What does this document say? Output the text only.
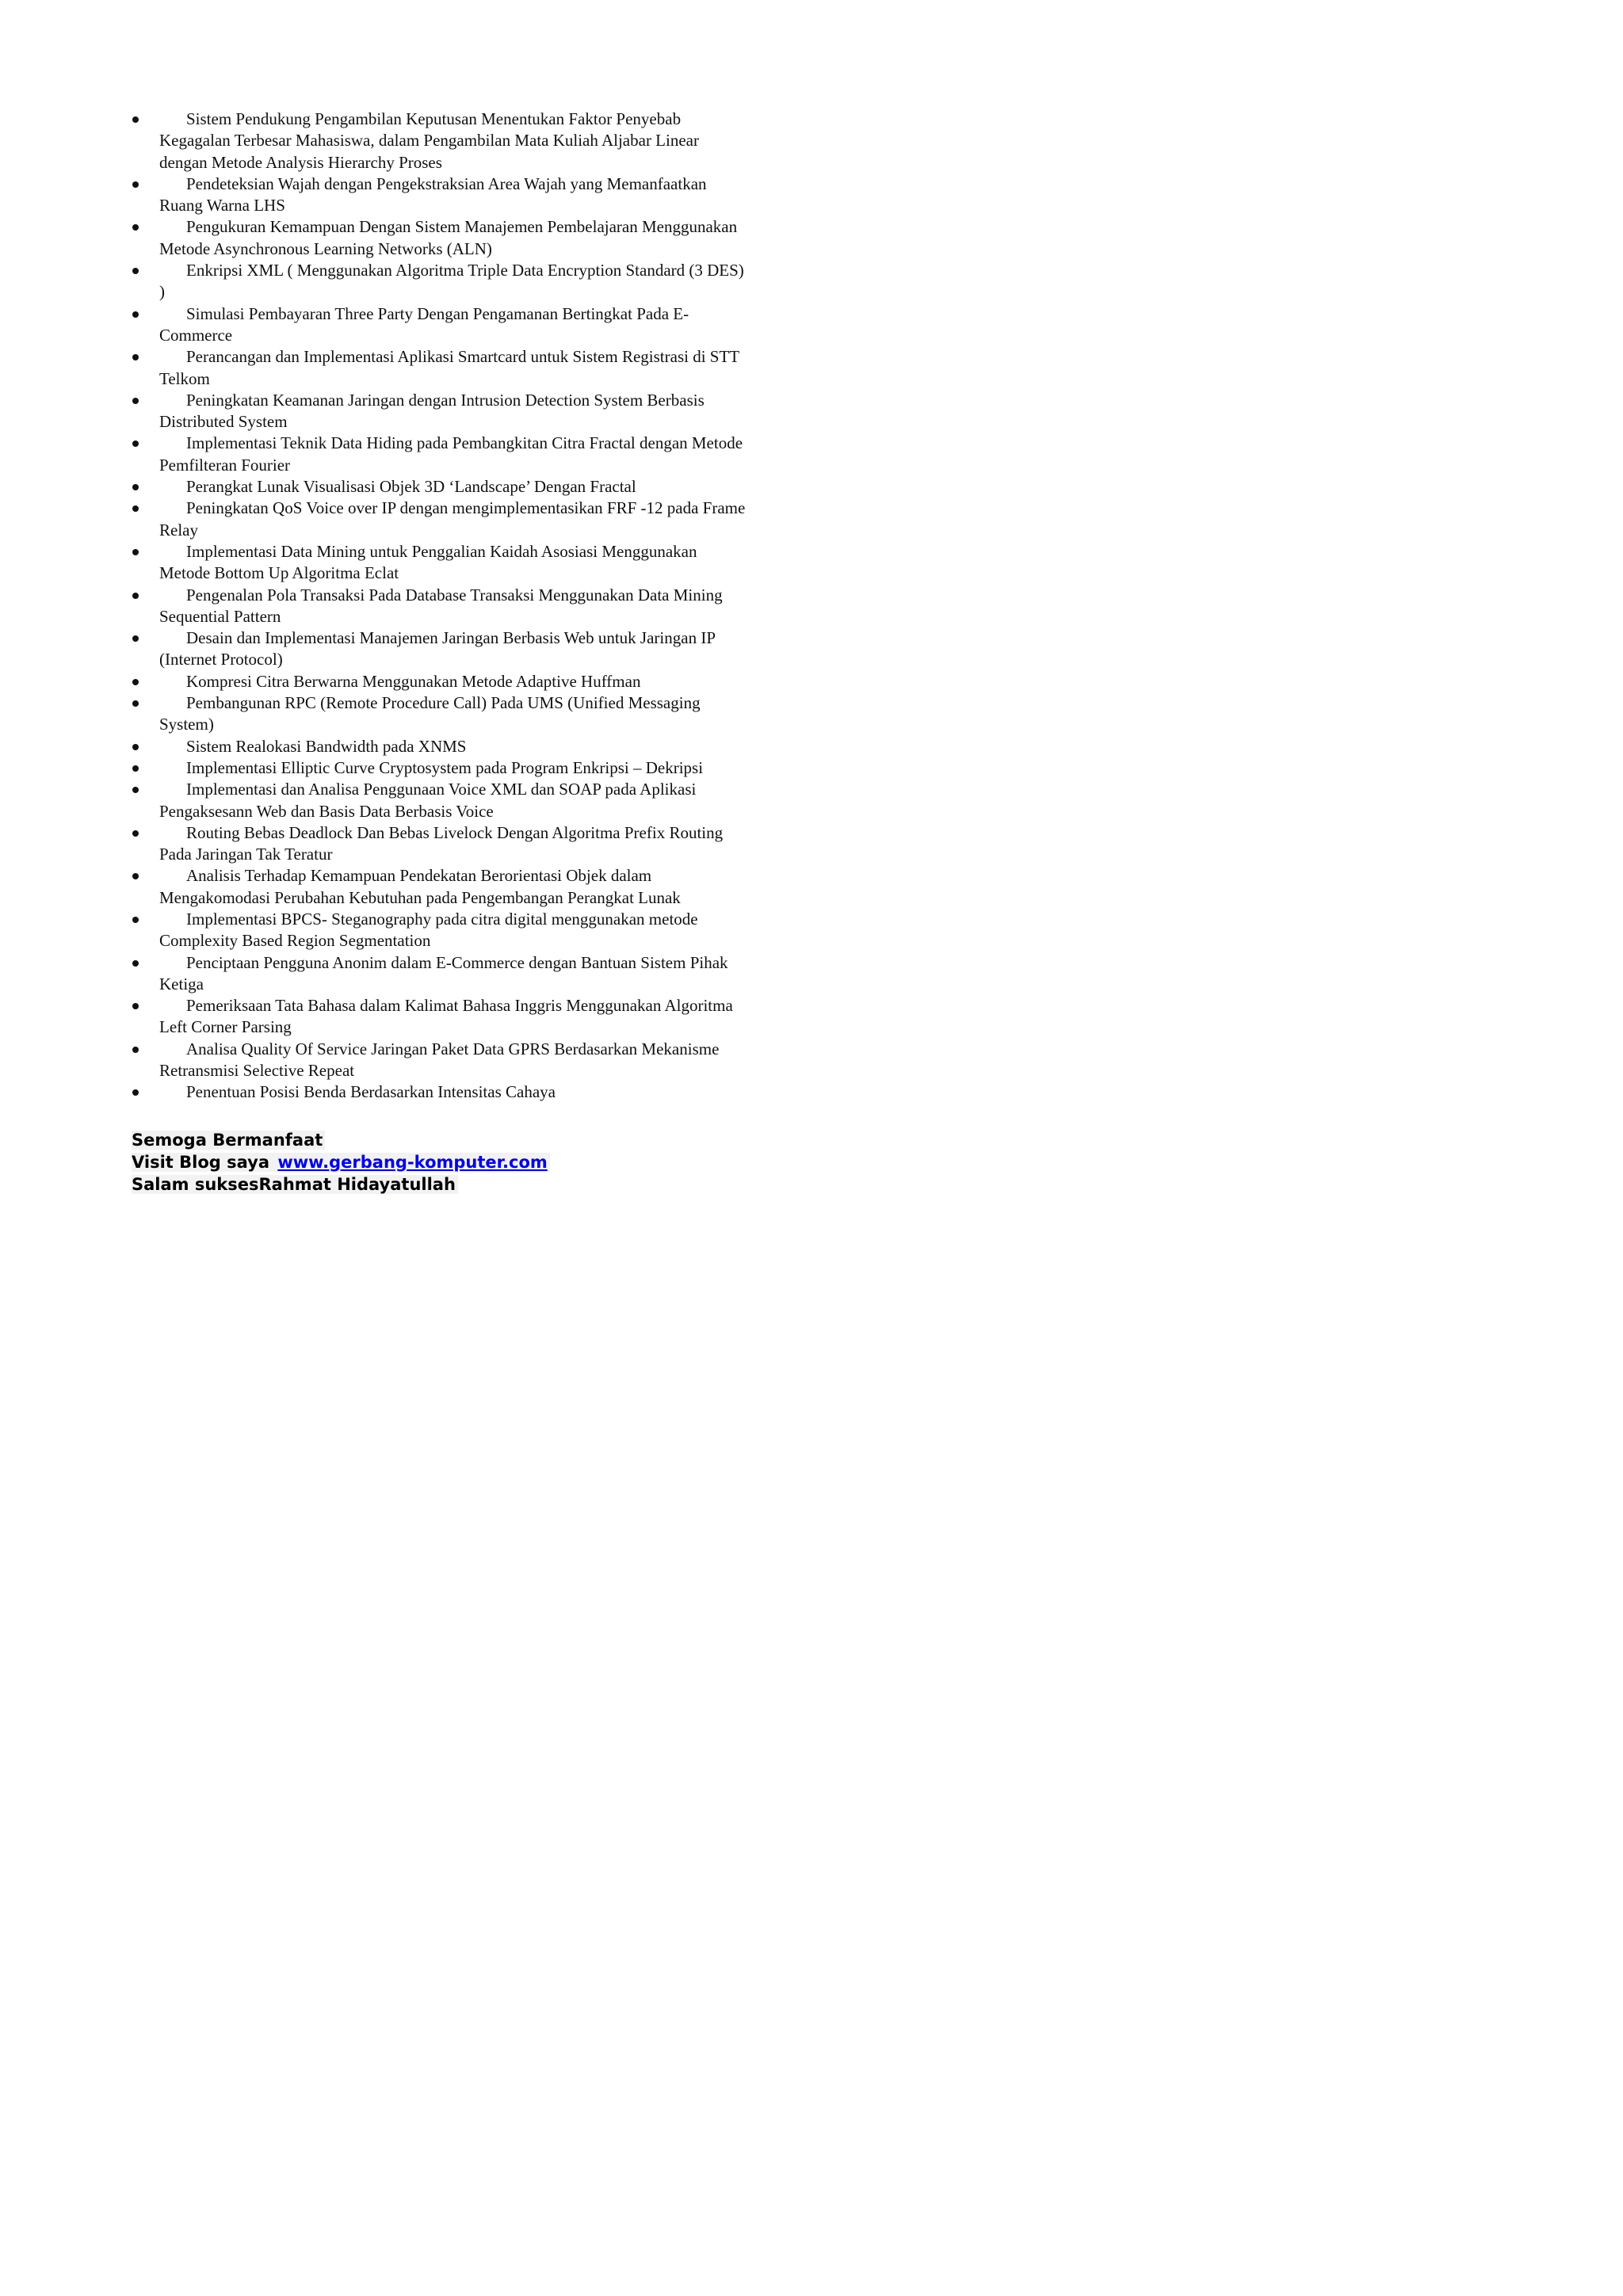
Sistem Pendukung Pengambilan Keputusan Menentukan Faktor Penyebab Kegagalan Terbesar Mahasiswa, dalam Pengambilan Mata Kuliah Aljabar Linear dengan Metode Analysis Hierarchy Proses
Pendeteksian Wajah dengan Pengekstraksian Area Wajah yang Memanfaatkan Ruang Warna LHS
Pengukuran Kemampuan Dengan Sistem Manajemen Pembelajaran Menggunakan Metode Asynchronous Learning Networks (ALN)
Enkripsi XML ( Menggunakan Algoritma Triple Data Encryption Standard (3 DES) )
Simulasi Pembayaran Three Party Dengan Pengamanan Bertingkat Pada E-Commerce
Perancangan dan Implementasi Aplikasi Smartcard untuk Sistem Registrasi di STT Telkom
Peningkatan Keamanan Jaringan dengan Intrusion Detection System Berbasis Distributed System
Implementasi Teknik Data Hiding pada Pembangkitan Citra Fractal dengan Metode Pemfilteran Fourier
Perangkat Lunak Visualisasi Objek 3D ‘Landscape’ Dengan Fractal
Peningkatan QoS Voice over IP dengan mengimplementasikan FRF -12 pada Frame Relay
Implementasi Data Mining untuk Penggalian Kaidah Asosiasi Menggunakan Metode Bottom Up Algoritma Eclat
Pengenalan Pola Transaksi Pada Database Transaksi Menggunakan Data Mining Sequential Pattern
Desain dan Implementasi Manajemen Jaringan Berbasis Web untuk Jaringan IP (Internet Protocol)
Kompresi Citra Berwarna Menggunakan Metode Adaptive Huffman
Pembangunan RPC (Remote Procedure Call) Pada UMS (Unified Messaging System)
Sistem Realokasi Bandwidth pada XNMS
Implementasi Elliptic Curve Cryptosystem pada Program Enkripsi – Dekripsi
Implementasi dan Analisa Penggunaan Voice XML dan SOAP pada Aplikasi Pengaksesann Web dan Basis Data Berbasis Voice
Routing Bebas Deadlock Dan Bebas Livelock Dengan Algoritma Prefix Routing Pada Jaringan Tak Teratur
Analisis Terhadap Kemampuan Pendekatan Berorientasi Objek dalam Mengakomodasi Perubahan Kebutuhan pada Pengembangan Perangkat Lunak
Implementasi BPCS- Steganography pada citra digital menggunakan metode Complexity Based Region Segmentation
Penciptaan Pengguna Anonim dalam E-Commerce dengan Bantuan Sistem Pihak Ketiga
Pemeriksaan Tata Bahasa dalam Kalimat Bahasa Inggris Menggunakan Algoritma Left Corner Parsing
Analisa Quality Of Service Jaringan Paket Data GPRS Berdasarkan Mekanisme Retransmisi Selective Repeat
Penentuan Posisi Benda Berdasarkan Intensitas Cahaya
Semoga Bermanfaat
Visit Blog saya www.gerbang-komputer.com
Salam suksesRahmat Hidayatullah
